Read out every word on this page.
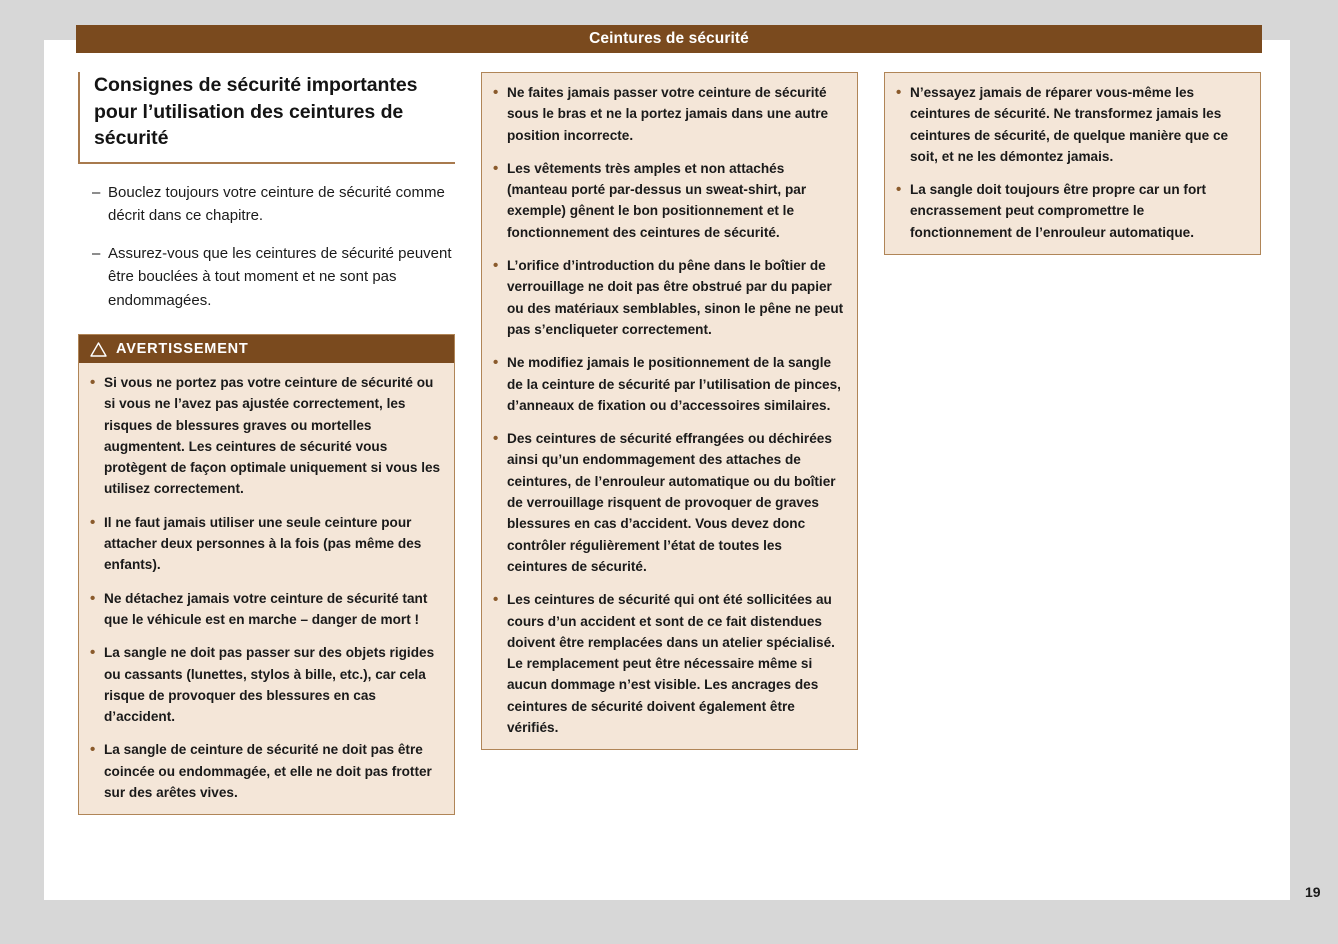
Ceintures de sécurité
19
Consignes de sécurité importantes pour l’utilisation des ceintures de sécurité
– Bouclez toujours votre ceinture de sécurité comme décrit dans ce chapitre.
– Assurez-vous que les ceintures de sécurité peuvent être bouclées à tout moment et ne sont pas endommagées.
AVERTISSEMENT
• Si vous ne portez pas votre ceinture de sécurité ou si vous ne l’avez pas ajustée correctement, les risques de blessures graves ou mortelles augmentent. Les ceintures de sécurité vous protègent de façon optimale uniquement si vous les utilisez correctement.
• Il ne faut jamais utiliser une seule ceinture pour attacher deux personnes à la fois (pas même des enfants).
• Ne détachez jamais votre ceinture de sécurité tant que le véhicule est en marche – danger de mort !
• La sangle ne doit pas passer sur des objets rigides ou cassants (lunettes, stylos à bille, etc.), car cela risque de provoquer des blessures en cas d’accident.
• La sangle de ceinture de sécurité ne doit pas être coincée ou endommagée, et elle ne doit pas frotter sur des arêtes vives.
• Ne faites jamais passer votre ceinture de sécurité sous le bras et ne la portez jamais dans une autre position incorrecte.
• Les vêtements très amples et non attachés (manteau porté par-dessus un sweat-shirt, par exemple) gênent le bon positionnement et le fonctionnement des ceintures de sécurité.
• L’orifice d’introduction du pêne dans le boîtier de verrouillage ne doit pas être obstrué par du papier ou des matériaux semblables, sinon le pêne ne peut pas s’encliqueter correctement.
• Ne modifiez jamais le positionnement de la sangle de la ceinture de sécurité par l’utilisation de pinces, d’anneaux de fixation ou d’accessoires similaires.
• Des ceintures de sécurité effrangées ou déchirées ainsi qu’un endommagement des attaches de ceintures, de l’enrouleur automatique ou du boîtier de verrouillage risquent de provoquer de graves blessures en cas d’accident. Vous devez donc contrôler régulièrement l’état de toutes les ceintures de sécurité.
• Les ceintures de sécurité qui ont été sollicitées au cours d’un accident et sont de ce fait distendues doivent être remplacées dans un atelier spécialisé. Le remplacement peut être nécessaire même si aucun dommage n’est visible. Les ancrages des ceintures de sécurité doivent également être vérifiés.
• N’essayez jamais de réparer vous-même les ceintures de sécurité. Ne transformez jamais les ceintures de sécurité, de quelque manière que ce soit, et ne les démontez jamais.
• La sangle doit toujours être propre car un fort encrassement peut compromettre le fonctionnement de l’enrouleur automatique.
